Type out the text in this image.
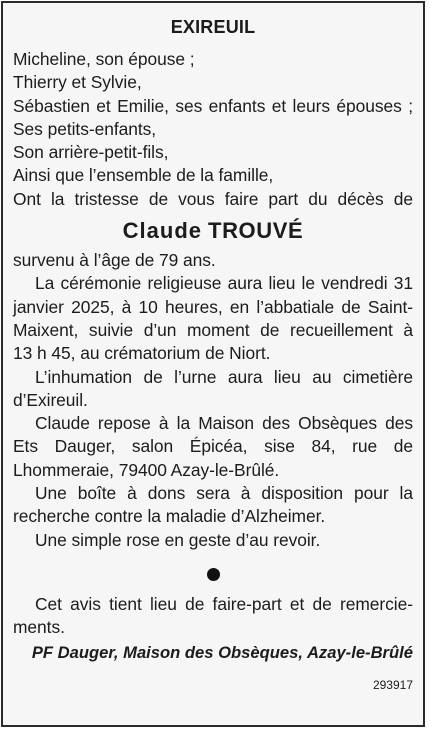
EXIREUIL
Micheline, son épouse ;
Thierry et Sylvie,
Sébastien et Emilie, ses enfants et leurs épouses ;
Ses petits-enfants,
Son arrière-petit-fils,
Ainsi que l’ensemble de la famille,
Ont la tristesse de vous faire part du décès de
Claude TROUVÉ
survenu à l’âge de 79 ans.
La cérémonie religieuse aura lieu le vendredi 31
janvier 2025, à 10 heures, en l’abbatiale de Saint-
Maixent, suivie d’un moment de recueillement à
13 h 45, au crématorium de Niort.
L’inhumation de l’urne aura lieu au cimetière
d’Exireuil.
Claude repose à la Maison des Obsèques des
Ets Dauger, salon Épicéa, sise 84, rue de
Lhommeraie, 79400 Azay-le-Brûlé.
Une boîte à dons sera à disposition pour la
recherche contre la maladie d’Alzheimer.
Une simple rose en geste d’au revoir.
Cet avis tient lieu de faire-part et de remercie-
ments.
PF Dauger, Maison des Obsèques, Azay-le-Brûlé
293917
